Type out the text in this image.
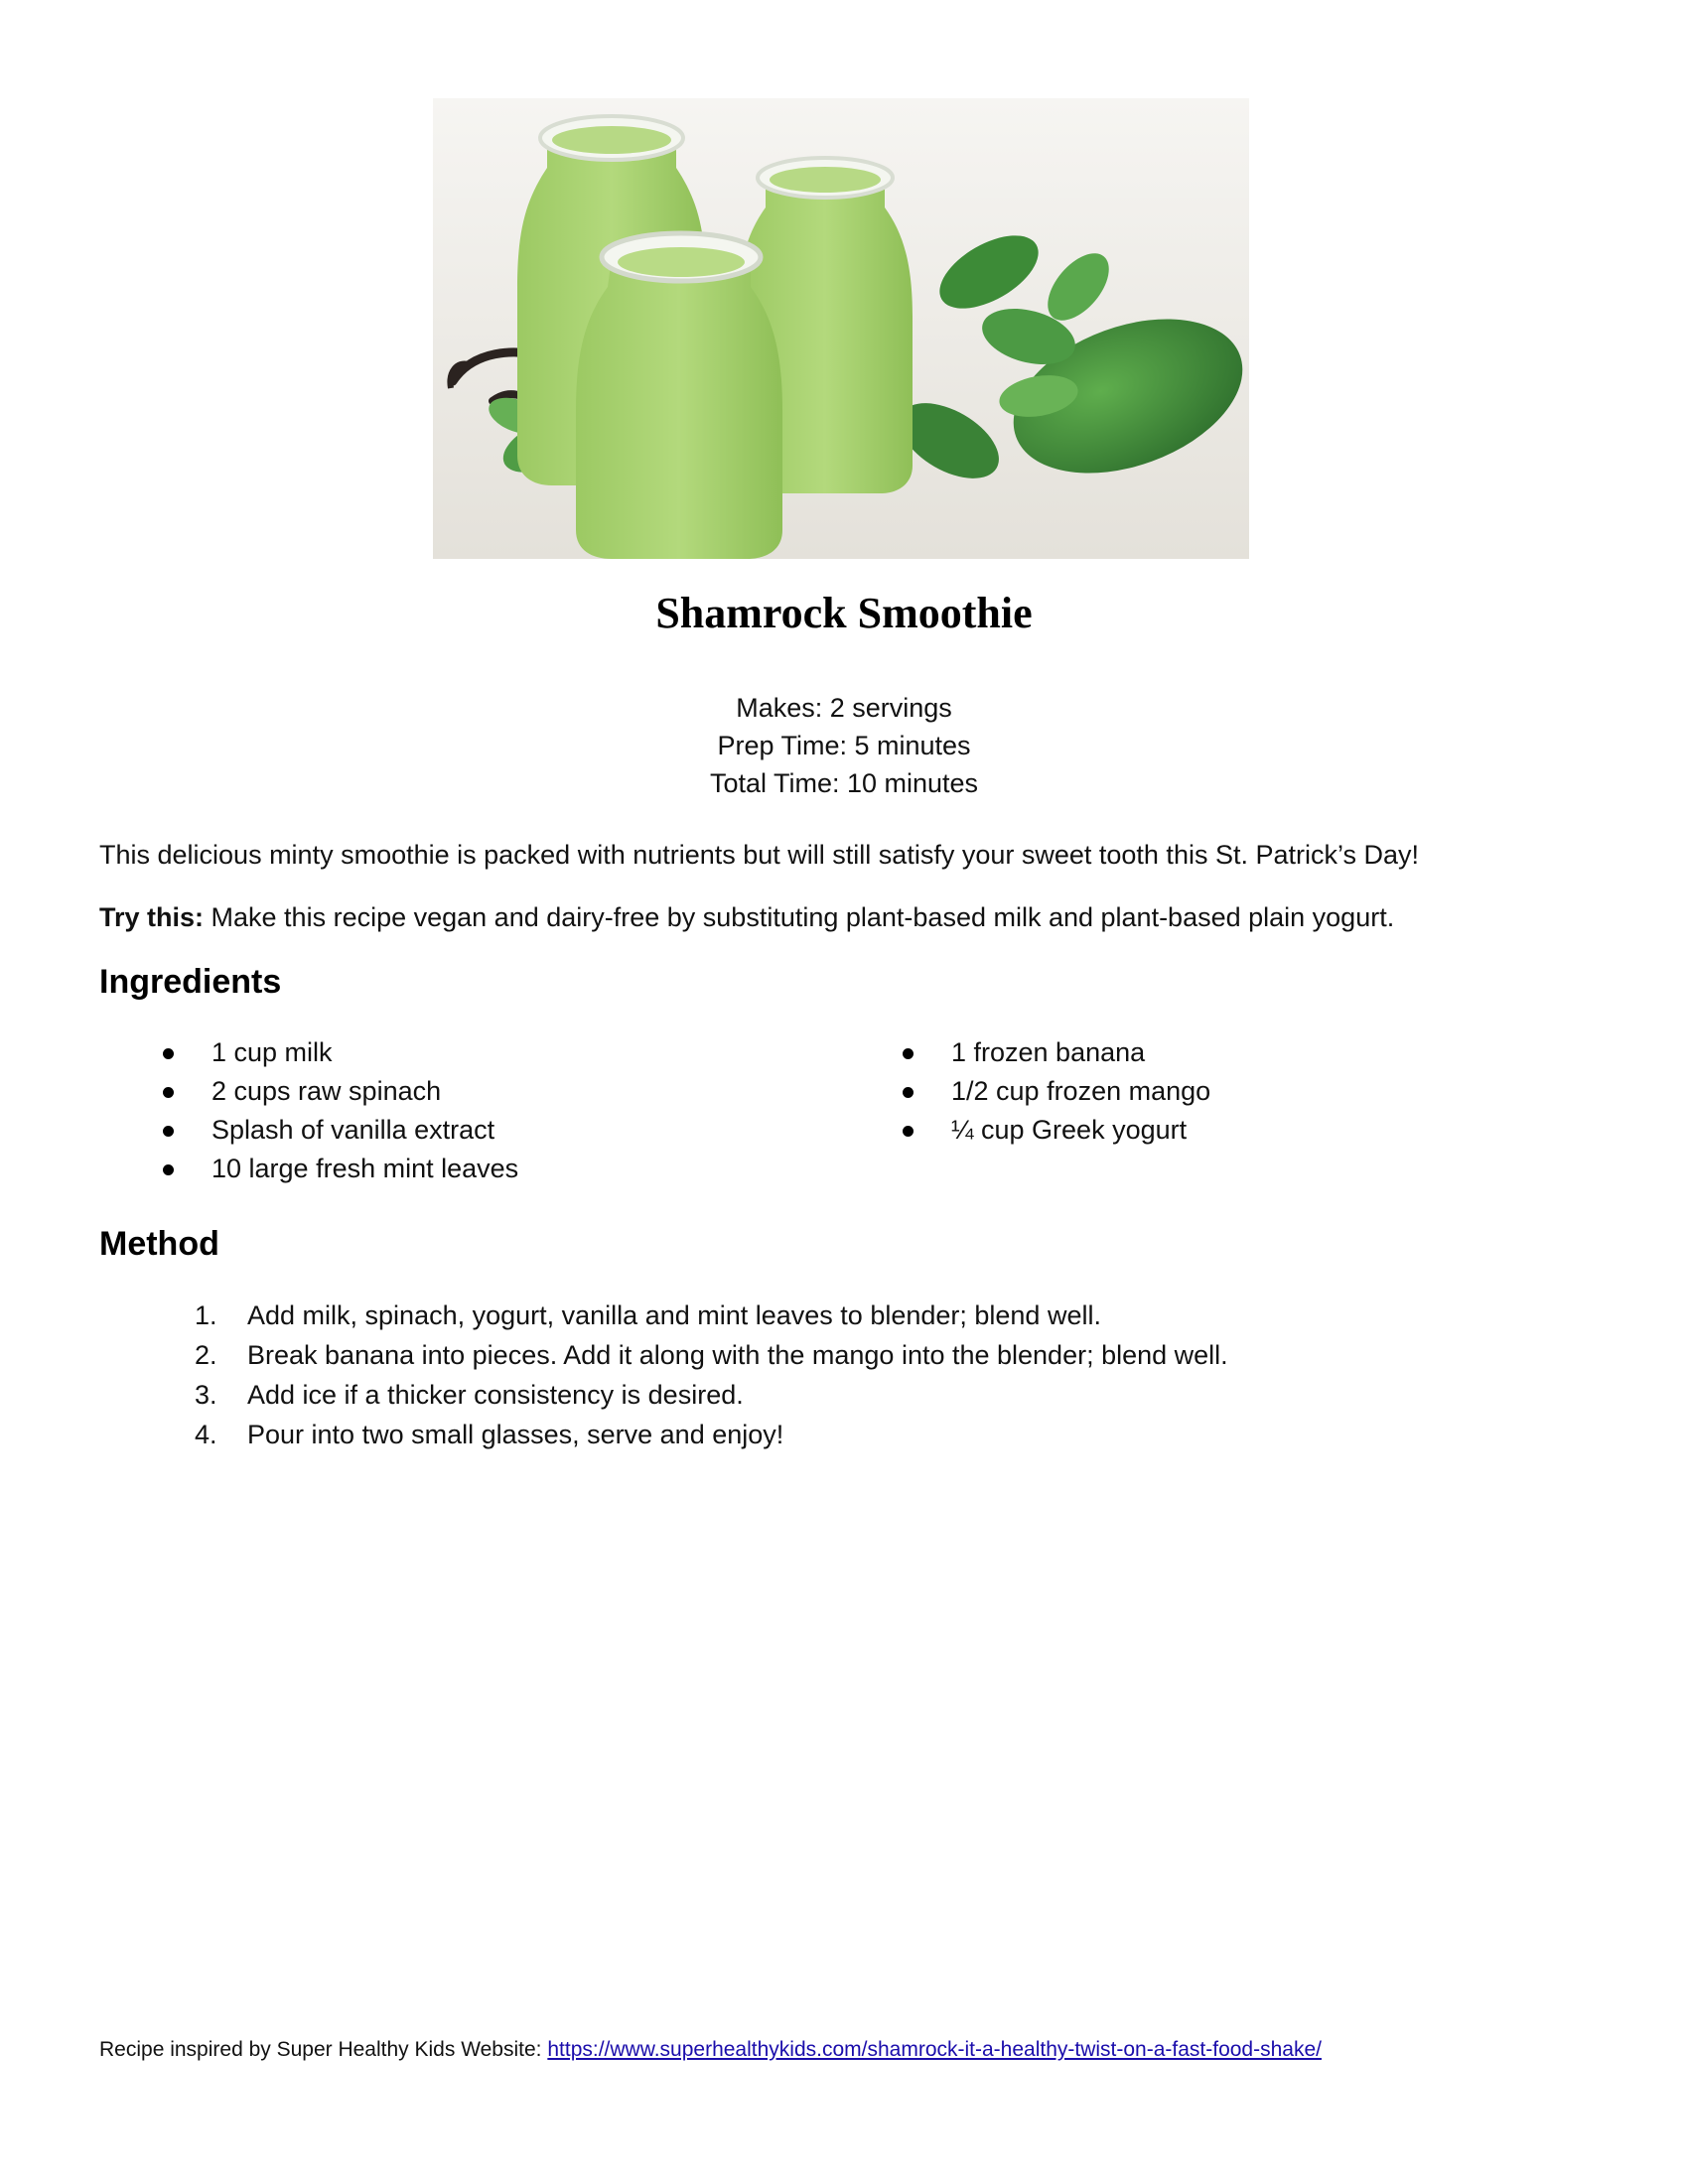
Shamrock Smoothie
Makes: 2 servings
Prep Time: 5 minutes
Total Time: 10 minutes
This delicious minty smoothie is packed with nutrients but will still satisfy your sweet tooth this St. Patrick’s Day!
Try this: Make this recipe vegan and dairy-free by substituting plant-based milk and plant-based plain yogurt.
Ingredients
1 cup milk
2 cups raw spinach
Splash of vanilla extract
10 large fresh mint leaves
1 frozen banana
1/2 cup frozen mango
¼ cup Greek yogurt
Method
1. Add milk, spinach, yogurt, vanilla and mint leaves to blender; blend well.
2. Break banana into pieces. Add it along with the mango into the blender; blend well.
3. Add ice if a thicker consistency is desired.
4. Pour into two small glasses, serve and enjoy!
Recipe inspired by Super Healthy Kids Website: https://www.superhealthykids.com/shamrock-it-a-healthy-twist-on-a-fast-food-shake/
